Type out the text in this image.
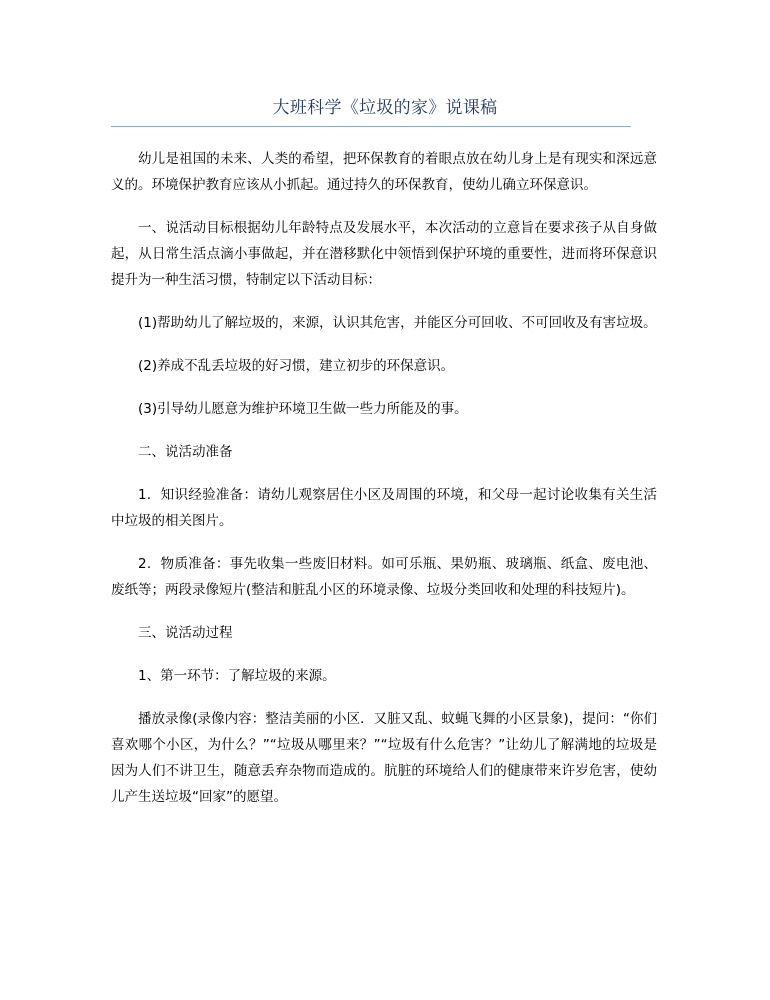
大班科学《垃圾的家》说课稿

幼儿是祖国的未来、人类的希望，把环保教育的着眼点放在幼儿身上是有现实和深远意义的。环境保护教育应该从小抓起。通过持久的环保教育，使幼儿确立环保意识。

一、说活动目标根据幼儿年龄特点及发展水平，本次活动的立意旨在要求孩子从自身做起，从日常生活点滴小事做起，并在潜移默化中领悟到保护环境的重要性，进而将环保意识提升为一种生活习惯，特制定以下活动目标：

(1)帮助幼儿了解垃圾的，来源，认识其危害，并能区分可回收、不可回收及有害垃圾。

(2)养成不乱丢垃圾的好习惯，建立初步的环保意识。

(3)引导幼儿愿意为维护环境卫生做一些力所能及的事。

二、说活动准备

1．知识经验准备：请幼儿观察居住小区及周围的环境，和父母一起讨论收集有关生活中垃圾的相关图片。

2．物质准备：事先收集一些废旧材料。如可乐瓶、果奶瓶、玻璃瓶、纸盒、废电池、废纸等；两段录像短片(整洁和脏乱小区的环境录像、垃圾分类回收和处理的科技短片)。

三、说活动过程

1、第一环节：了解垃圾的来源。

播放录像(录像内容：整洁美丽的小区．又脏又乱、蚊蝇飞舞的小区景象)，提问：“你们喜欢哪个小区，为什么？”“垃圾从哪里来？”“垃圾有什么危害？”让幼儿了解满地的垃圾是因为人们不讲卫生，随意丢弃杂物而造成的。肮脏的环境给人们的健康带来许岁危害，使幼儿产生送垃圾“回家”的愿望。
